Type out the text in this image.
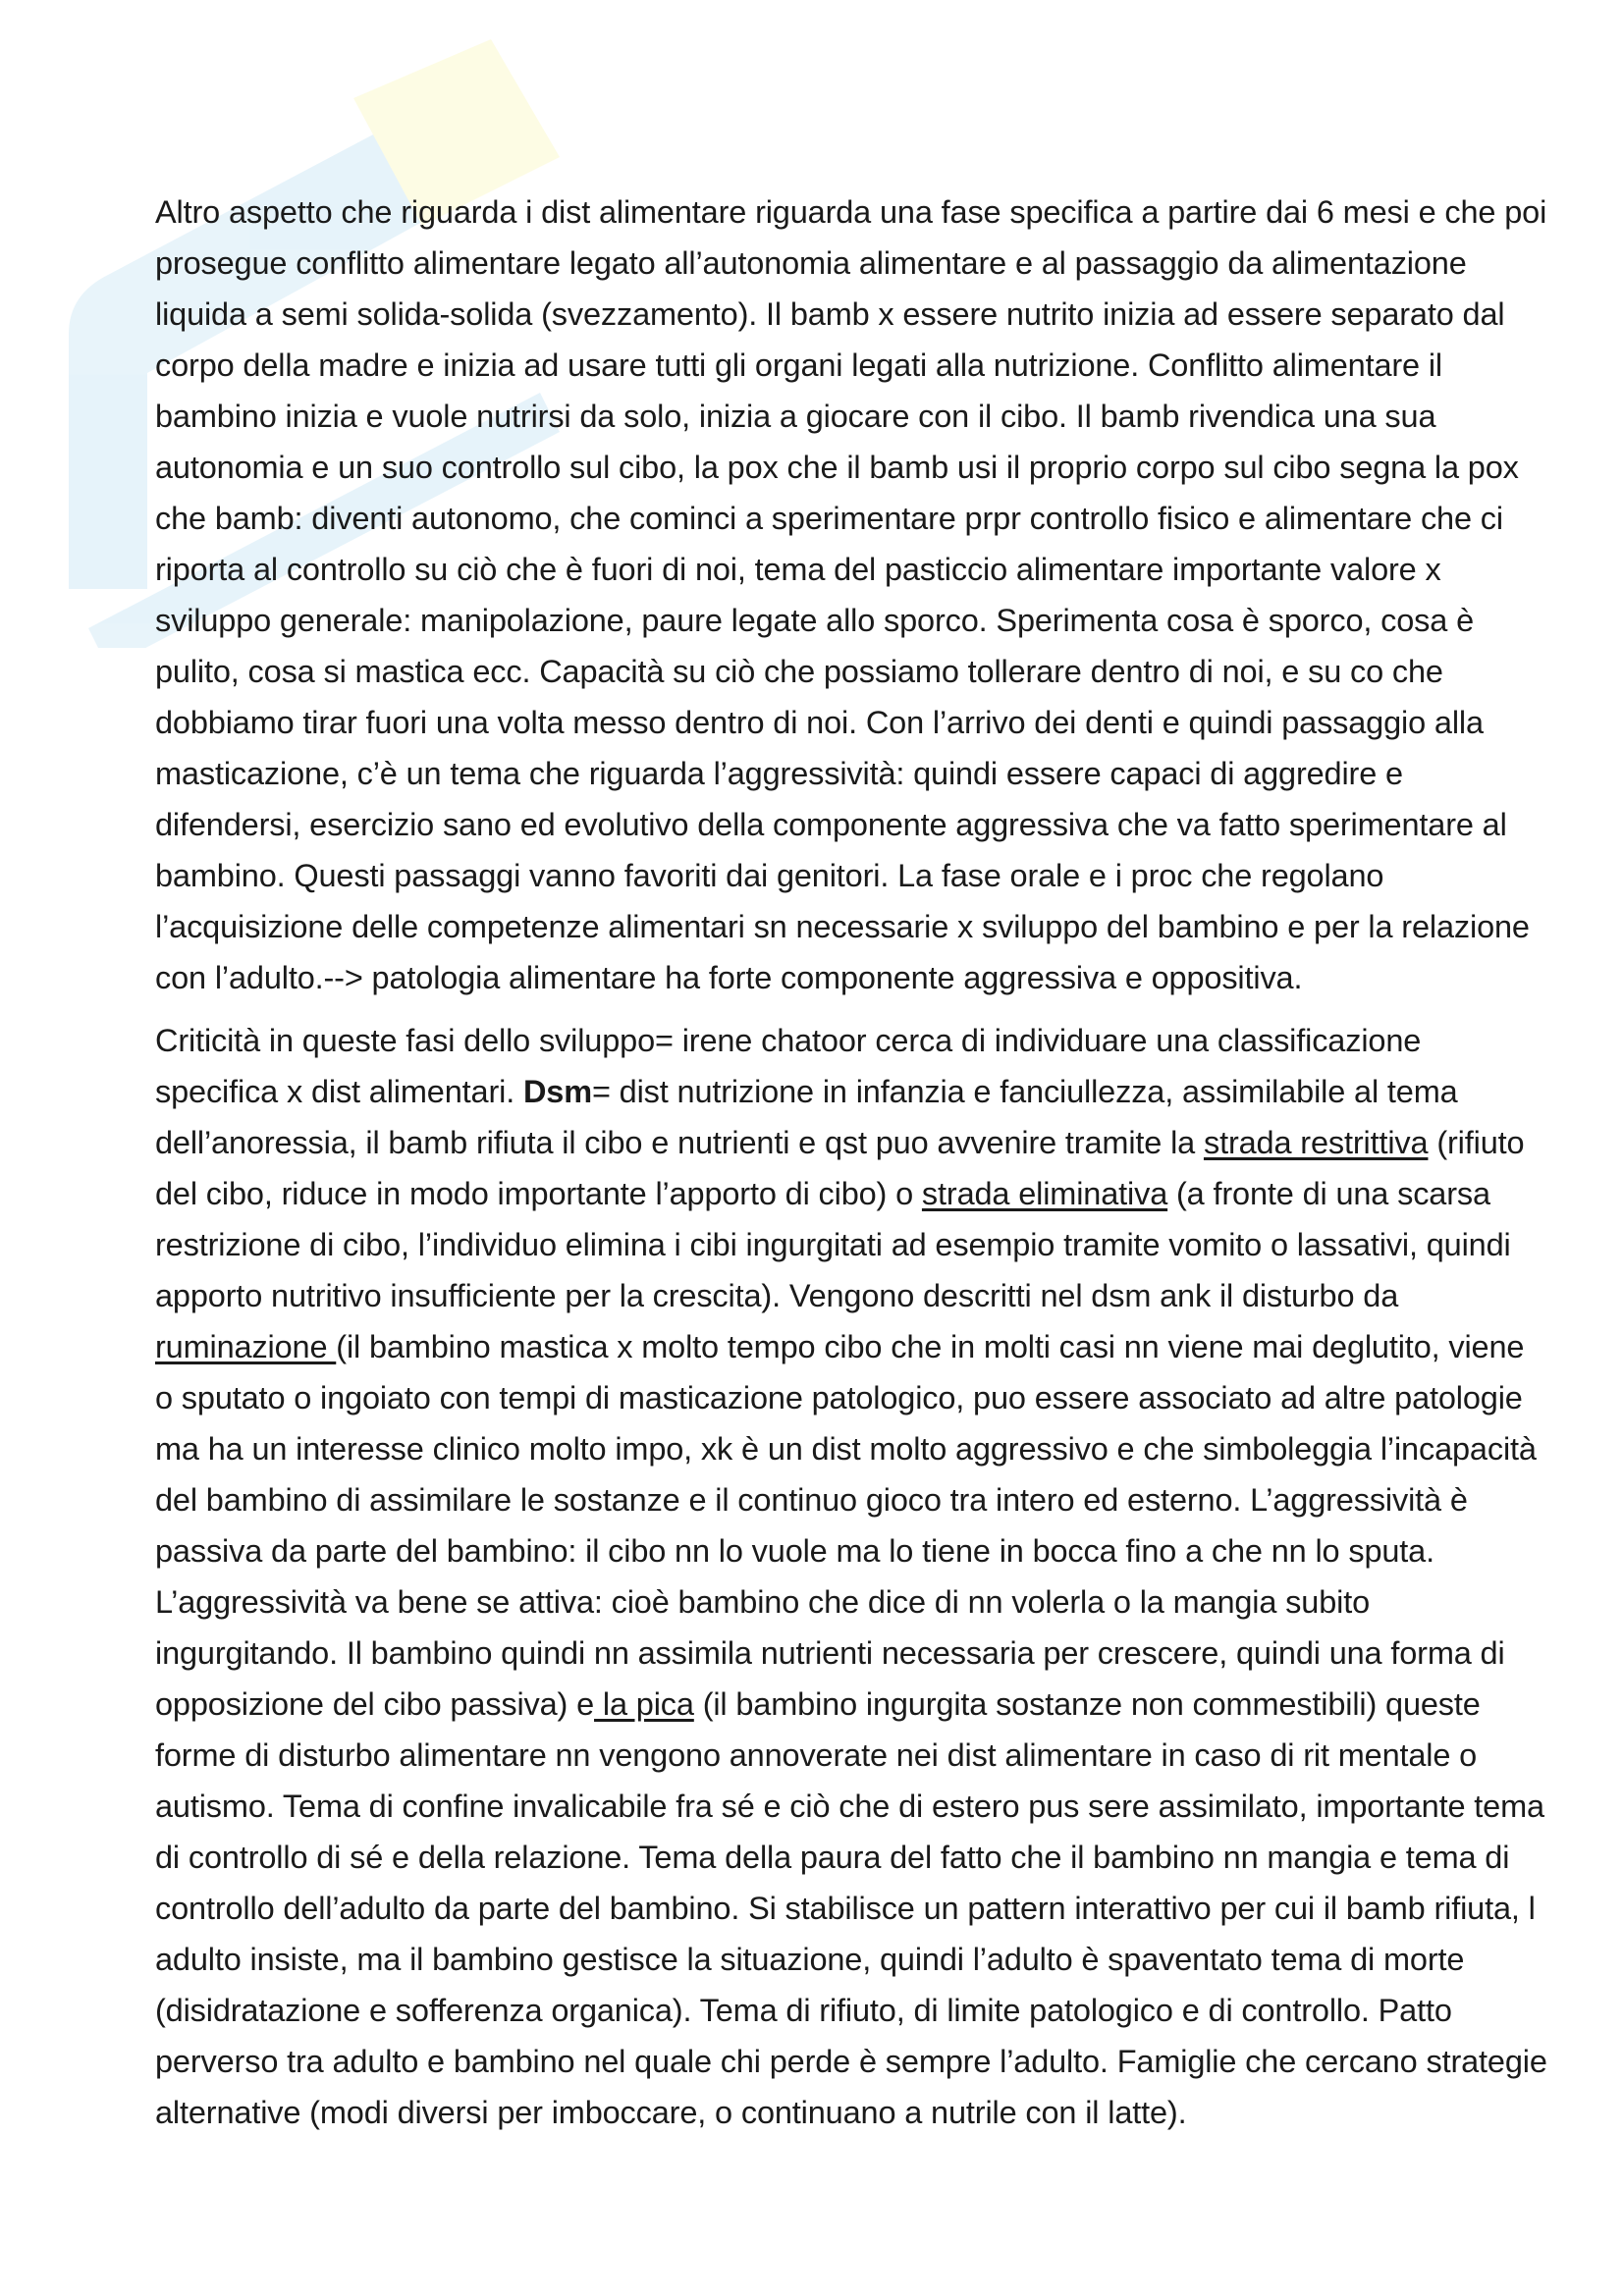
Altro aspetto che riguarda i dist alimentare riguarda una fase specifica a partire dai 6 mesi e che poi prosegue conflitto alimentare legato all’autonomia alimentare e al passaggio da alimentazione liquida a semi solida-solida (svezzamento). Il bamb x essere nutrito inizia ad essere separato dal corpo della madre e inizia ad usare tutti gli organi legati alla nutrizione. Conflitto alimentare il bambino inizia e vuole nutrirsi da solo, inizia a giocare con il cibo. Il bamb rivendica una sua autonomia e un suo controllo sul cibo, la pox che il bamb usi il proprio corpo sul cibo segna la pox che bamb: diventi autonomo, che cominci a sperimentare prpr controllo fisico e alimentare che ci riporta al controllo su ciò che è fuori di noi, tema del pasticcio alimentare importante valore x sviluppo generale: manipolazione, paure legate allo sporco. Sperimenta cosa è sporco, cosa è pulito, cosa si mastica ecc. Capacità su ciò che possiamo tollerare dentro di noi, e su co che dobbiamo tirar fuori una volta messo dentro di noi. Con l’arrivo dei denti e quindi passaggio alla masticazione, c’è un tema che riguarda l’aggressività: quindi essere capaci di aggredire e difendersi, esercizio sano ed evolutivo della componente aggressiva che va fatto sperimentare al bambino. Questi passaggi vanno favoriti dai genitori. La fase orale e i proc che regolano l’acquisizione delle competenze alimentari sn necessarie x sviluppo del bambino e per la relazione con l’adulto.--> patologia alimentare ha forte componente aggressiva e oppositiva.

Criticità in queste fasi dello sviluppo= irene chatoor cerca di individuare una classificazione specifica x dist alimentari. Dsm= dist nutrizione in infanzia e fanciullezza, assimilabile al tema dell’anoressia, il bamb rifiuta il cibo e nutrienti e qst puo avvenire tramite la strada restrittiva (rifiuto del cibo, riduce in modo importante l’apporto di cibo) o strada eliminativa (a fronte di una scarsa restrizione di cibo, l’individuo elimina i cibi ingurgitati ad esempio tramite vomito o lassativi, quindi apporto nutritivo insufficiente per la crescita). Vengono descritti nel dsm ank il disturbo da ruminazione (il bambino mastica x molto tempo cibo che in molti casi nn viene mai deglutito, viene o sputato o ingoiato con tempi di masticazione patologico, puo essere associato ad altre patologie ma ha un interesse clinico molto impo, xk è un dist molto aggressivo e che simboleggia l’incapacità del bambino di assimilare le sostanze e il continuo gioco tra intero ed esterno. L’aggressività è passiva da parte del bambino: il cibo nn lo vuole ma lo tiene in bocca fino a che nn lo sputa. L’aggressività va bene se attiva: cioè bambino che dice di nn volerla o la mangia subito ingurgitando. Il bambino quindi nn assimila nutrienti necessaria per crescere, quindi una forma di opposizione del cibo passiva) e la pica (il bambino ingurgita sostanze non commestibili) queste forme di disturbo alimentare nn vengono annoverate nei dist alimentare in caso di rit mentale o autismo. Tema di confine invalicabile fra sé e ciò che di estero pus sere assimilato, importante tema di controllo di sé e della relazione. Tema della paura del fatto che il bambino nn mangia e tema di controllo dell’adulto da parte del bambino. Si stabilisce un pattern interattivo per cui il bamb rifiuta, l adulto insiste, ma il bambino gestisce la situazione, quindi l’adulto è spaventato tema di morte (disidratazione e sofferenza organica). Tema di rifiuto, di limite patologico e di controllo. Patto perverso tra adulto e bambino nel quale chi perde è sempre l’adulto. Famiglie che cercano strategie alternative (modi diversi per imboccare, o continuano a nutrile con il latte).
